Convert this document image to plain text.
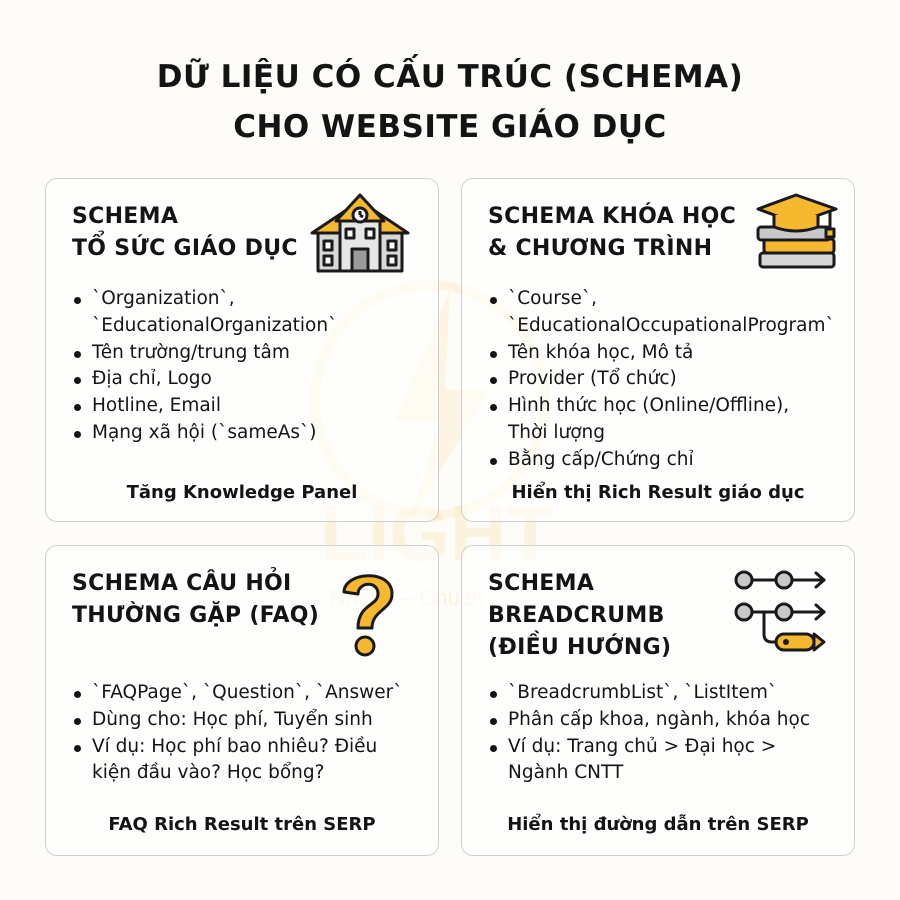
LIGHT
Chuẩn
DỮ LIỆU CÓ CẤU TRÚC (SCHEMA)
CHO WEBSITE GIÁO DỤC
SCHEMA
TỔ SỨC GIÁO DỤC
`Organization`,
`EducationalOrganization`
Tên trường/trung tâm
Địa chỉ, Logo
Hotline, Email
Mạng xã hội (`sameAs`)
Tăng Knowledge Panel
SCHEMA KHÓA HỌC
& CHƯƠNG TRÌNH
`Course`,
`EducationalOccupationalProgram`
Tên khóa học, Mô tả
Provider (Tổ chức)
Hình thức học (Online/Offline),
Thời lượng
Bằng cấp/Chứng chỉ
Hiển thị Rich Result giáo dục
SCHEMA CÂU HỎI
THƯỜNG GẶP (FAQ)
`FAQPage`, `Question`, `Answer`
Dùng cho: Học phí, Tuyển sinh
Ví dụ: Học phí bao nhiêu? Điều
kiện đầu vào? Học bổng?
FAQ Rich Result trên SERP
SCHEMA
BREADCRUMB
(ĐIỀU HƯỚNG)
`BreadcrumbList`, `ListItem`
Phân cấp khoa, ngành, khóa học
Ví dụ: Trang chủ > Đại học >
Ngành CNTT
Hiển thị đường dẫn trên SERP
